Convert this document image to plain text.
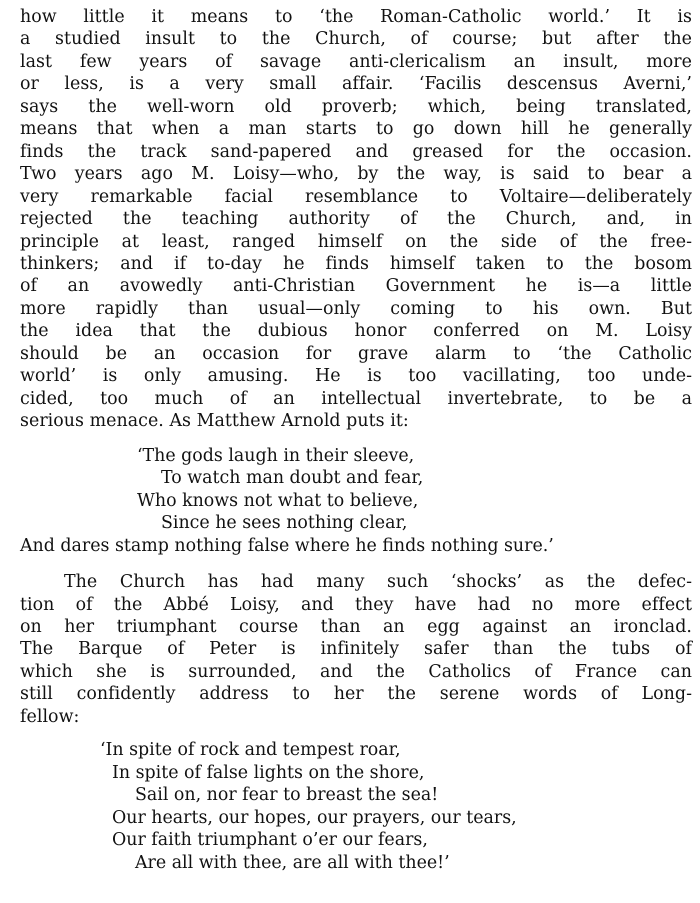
how little it means to ‘the Roman-Catholic world.’ It is
a studied insult to the Church, of course; but after the
last few years of savage anti-clericalism an insult, more
or less, is a very small affair. ‘Facilis descensus Averni,’
says the well-worn old proverb; which, being translated,
means that when a man starts to go down hill he generally
finds the track sand-papered and greased for the occasion.
Two years ago M. Loisy—who, by the way, is said to bear a
very remarkable facial resemblance to Voltaire—deliberately
rejected the teaching authority of the Church, and, in
principle at least, ranged himself on the side of the free-
thinkers; and if to-day he finds himself taken to the bosom
of an avowedly anti-Christian Government he is—a little
more rapidly than usual—only coming to his own. But
the idea that the dubious honor conferred on M. Loisy
should be an occasion for grave alarm to ‘the Catholic
world’ is only amusing. He is too vacillating, too unde-
cided, too much of an intellectual invertebrate, to be a
serious menace. As Matthew Arnold puts it:

‘The gods laugh in their sleeve,
To watch man doubt and fear,
Who knows not what to believe,
Since he sees nothing clear,
And dares stamp nothing false where he finds nothing sure.’

The Church has had many such ‘shocks’ as the defec-
tion of the Abbé Loisy, and they have had no more effect
on her triumphant course than an egg against an ironclad.
The Barque of Peter is infinitely safer than the tubs of
which she is surrounded, and the Catholics of France can
still confidently address to her the serene words of Long-
fellow:

‘In spite of rock and tempest roar,
In spite of false lights on the shore,
Sail on, nor fear to breast the sea!
Our hearts, our hopes, our prayers, our tears,
Our faith triumphant o’er our fears,
Are all with thee, are all with thee!’
